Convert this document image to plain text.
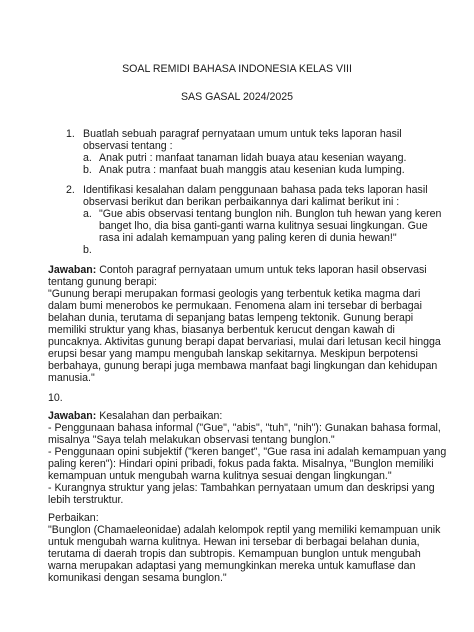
SOAL REMIDI BAHASA INDONESIA KELAS VIII
SAS GASAL 2024/2025
1. Buatlah sebuah paragraf pernyataan umum untuk teks laporan hasil
observasi tentang :
a. Anak putri : manfaat tanaman lidah buaya atau kesenian wayang.
b. Anak putra : manfaat buah manggis atau kesenian kuda lumping.
2. Identifikasi kesalahan dalam penggunaan bahasa pada teks laporan hasil
observasi berikut dan berikan perbaikannya dari kalimat berikut ini :
a. "Gue abis observasi tentang bunglon nih. Bunglon tuh hewan yang keren
banget lho, dia bisa ganti-ganti warna kulitnya sesuai lingkungan. Gue
rasa ini adalah kemampuan yang paling keren di dunia hewan!"
b.
Jawaban: Contoh paragraf pernyataan umum untuk teks laporan hasil observasi
tentang gunung berapi:
"Gunung berapi merupakan formasi geologis yang terbentuk ketika magma dari
dalam bumi menerobos ke permukaan. Fenomena alam ini tersebar di berbagai
belahan dunia, terutama di sepanjang batas lempeng tektonik. Gunung berapi
memiliki struktur yang khas, biasanya berbentuk kerucut dengan kawah di
puncaknya. Aktivitas gunung berapi dapat bervariasi, mulai dari letusan kecil hingga
erupsi besar yang mampu mengubah lanskap sekitarnya. Meskipun berpotensi
berbahaya, gunung berapi juga membawa manfaat bagi lingkungan dan kehidupan
manusia."
10.
Jawaban: Kesalahan dan perbaikan:
- Penggunaan bahasa informal ("Gue", "abis", "tuh", "nih"): Gunakan bahasa formal,
misalnya "Saya telah melakukan observasi tentang bunglon."
- Penggunaan opini subjektif ("keren banget", "Gue rasa ini adalah kemampuan yang
paling keren"): Hindari opini pribadi, fokus pada fakta. Misalnya, "Bunglon memiliki
kemampuan untuk mengubah warna kulitnya sesuai dengan lingkungan."
- Kurangnya struktur yang jelas: Tambahkan pernyataan umum dan deskripsi yang
lebih terstruktur.
Perbaikan:
"Bunglon (Chamaeleonidae) adalah kelompok reptil yang memiliki kemampuan unik
untuk mengubah warna kulitnya. Hewan ini tersebar di berbagai belahan dunia,
terutama di daerah tropis dan subtropis. Kemampuan bunglon untuk mengubah
warna merupakan adaptasi yang memungkinkan mereka untuk kamuflase dan
komunikasi dengan sesama bunglon."
